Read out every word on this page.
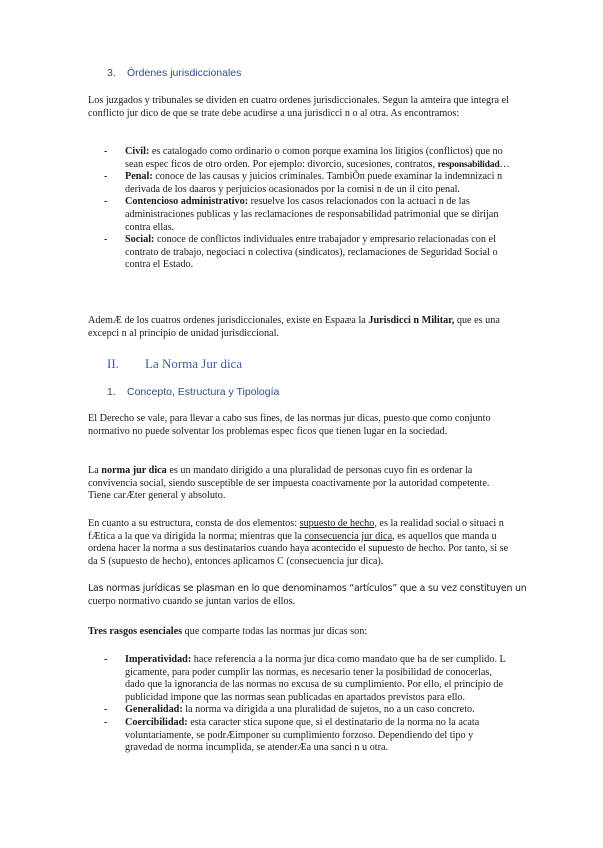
3. Órdenes jurisdiccionales
Los juzgados y tribunales se dividen en cuatro ordenes jurisdiccionales. Segun la amteira que integra el conflicto jur dico de que se trate debe acudirse a una jurisdicci n o al otra. As encontramos:
- Civil: es catalogado como ordinario o comon porque examina los litigios (conflictos) que no sean espec ficos de otro orden. Por ejemplo: divorcio, sucesiones, contratos, responsabilidad…
- Penal: conoce de las causas y juicios criminales. TambiÕn puede examinar la indemnizaci n derivada de los daaros y perjuicios ocasionados por la comisi n de un il cito penal.
- Contencioso administrativo: resuelve los casos relacionados con la actuaci n de las administraciones publicas y las reclamaciones de responsabilidad patrimonial que se dirijan contra ellas.
- Social: conoce de conflictos individuales entre trabajador y empresario relacionadas con el contrato de trabajo, negociaci n colectiva (sindicatos), reclamaciones de Seguridad Social o contra el Estado.
AdemÆ de los cuatros ordenes jurisdiccionales, existe en Espaæa la Jurisdicci n Militar, que es una excepci n al principio de unidad jurisdiccional.
II. La Norma Jur dica
1. Concepto, Estructura y Tipología
El Derecho se vale, para llevar a cabo sus fines, de las normas jur dicas, puesto que como conjunto normativo no puede solventar los problemas espec ficos que tienen lugar en la sociedad.
La norma jur dica es un mandato dirigido a una pluralidad de personas cuyo fin es ordenar la convivencia social, siendo susceptible de ser impuesta coactivamente por la autoridad competente. Tiene carÆter general y absoluto.
En cuanto a su estructura, consta de dos elementos: supuesto de hecho, es la realidad social o situaci n fÆtica a la que va dirigida la norma; mientras que la consecuencia jur dica, es aquellos que manda u ordena hacer la norma a sus destinatarios cuando haya acontecido el supuesto de hecho. Por tanto, si se da S (supuesto de hecho), entonces aplicamos C (consecuencia jur dica).
Las normas jurídicas se plasman en lo que denominamos “artículos” que a su vez constituyen un
cuerpo normativo cuando se juntan varios de ellos.
Tres rasgos esenciales que comparte todas las normas jur dicas son:
- Imperatividad: hace referencia a la norma jur dica como mandato que ha de ser cumplido. L gicamente, para poder cumplir las normas, es necesario tener la posibilidad de conocerlas, dado que la ignorancia de las normas no excusa de su cumplimiento. Por ello, el principio de publicidad impone que las normas sean publicadas en apartados previstos para ello.
- Generalidad: la norma va dirigida a una pluralidad de sujetos, no a un caso concreto.
- Coercibilidad: esta caracter stica supone que, si el destinatario de la norma no la acata voluntariamente, se podrÆimponer su cumplimiento forzoso. Dependiendo del tipo y gravedad de norma incumplida, se atenderÆa una sanci n u otra.
